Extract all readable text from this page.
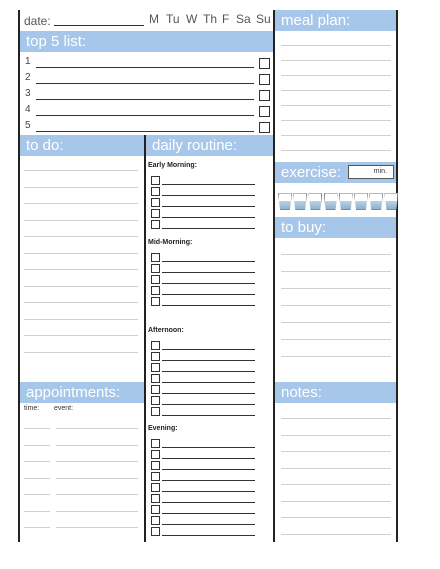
date:	M Tu W Th F Sa Su
top 5 list:
1
2
3
4
5
to do:	daily routine:
Early Morning:
Mid-Morning:
Afternoon:
Evening:
appointments:
time: event:
meal plan:
exercise:	min.
to buy:
notes:
